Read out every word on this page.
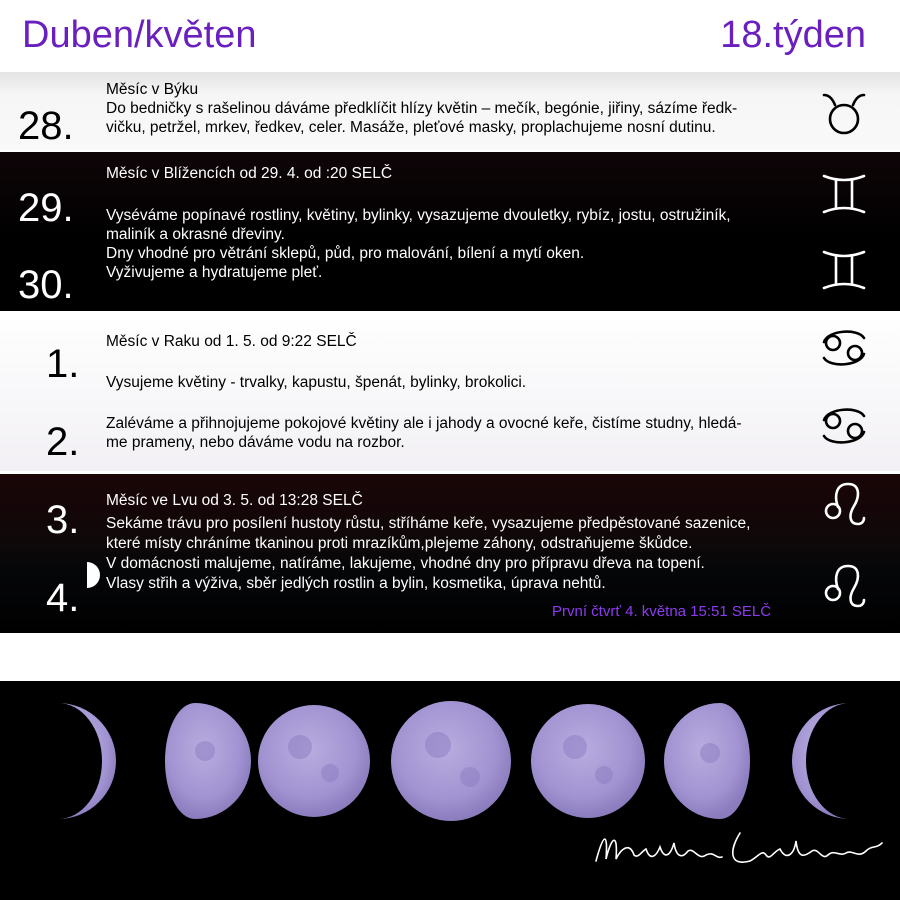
Duben/květen	18.týden
28.
Měsíc v Býku
Do bedničky s rašelinou dáváme předklíčit hlízy květin – mečík, begónie, jiřiny, sázíme ředk-
vičku, petržel, mrkev, ředkev, celer. Masáže, pleťové masky, proplachujeme nosní dutinu.
29.
Měsíc v Blížencích od 29. 4. od :20 SELČ
Vyséváme popínavé rostliny, květiny, bylinky, vysazujeme dvouletky, rybíz, jostu, ostružiník,
maliník a okrasné dřeviny.
30.
Dny vhodné pro větrání sklepů, půd, pro malování, bílení a mytí oken.
Vyživujeme a hydratujeme pleť.
1.
Měsíc v Raku od 1. 5. od 9:22 SELČ
Vysujeme květiny - trvalky, kapustu, špenát, bylinky, brokolici.
2. Zaléváme a přihnojujeme pokojové květiny ale i jahody a ovocné keře, čistíme studny, hledá-
me prameny, nebo dáváme vodu na rozbor.
3. Měsíc ve Lvu od 3. 5. od 13:28 SELČ
Sekáme trávu pro posílení hustoty růstu, stříháme keře, vysazujeme předpěstované sazenice,
které místy chráníme tkaninou proti mrazíkům,plejeme záhony, odstraňujeme škůdce.
4.
V domácnosti malujeme, natíráme, lakujeme, vhodné dny pro přípravu dřeva na topení.
Vlasy střih a výživa, sběr jedlých rostlin a bylin, kosmetika, úprava nehtů.
První čtvrť 4. května 15:51 SELČ
